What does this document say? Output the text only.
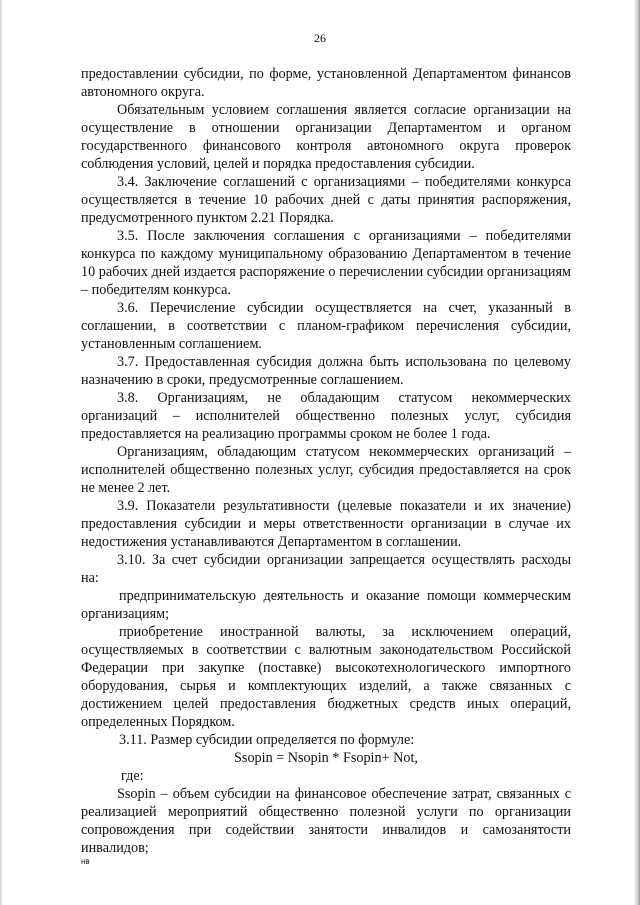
26

предоставлении субсидии, по форме, установленной Департаментом финансов автономного округа.

Обязательным условием соглашения является согласие организации на осуществление в отношении организации Департаментом и органом государственного финансового контроля автономного округа проверок соблюдения условий, целей и порядка предоставления субсидии.

3.4. Заключение соглашений с организациями – победителями конкурса осуществляется в течение 10 рабочих дней с даты принятия распоряжения, предусмотренного пунктом 2.21 Порядка.

3.5. После заключения соглашения с организациями – победителями конкурса по каждому муниципальному образованию Департаментом в течение 10 рабочих дней издается распоряжение о перечислении субсидии организациям – победителям конкурса.

3.6. Перечисление субсидии осуществляется на счет, указанный в соглашении, в соответствии с планом-графиком перечисления субсидии, установленным соглашением.

3.7. Предоставленная субсидия должна быть использована по целевому назначению в сроки, предусмотренные соглашением.

3.8. Организациям, не обладающим статусом некоммерческих организаций – исполнителей общественно полезных услуг, субсидия предоставляется на реализацию программы сроком не более 1 года.

Организациям, обладающим статусом некоммерческих организаций – исполнителей общественно полезных услуг, субсидия предоставляется на срок не менее 2 лет.

3.9. Показатели результативности (целевые показатели и их значение) предоставления субсидии и меры ответственности организации в случае их недостижения устанавливаются Департаментом в соглашении.

3.10. За счет субсидии организации запрещается осуществлять расходы на:

предпринимательскую деятельность и оказание помощи коммерческим организациям;

приобретение иностранной валюты, за исключением операций, осуществляемых в соответствии с валютным законодательством Российской Федерации при закупке (поставке) высокотехнологического импортного оборудования, сырья и комплектующих изделий, а также связанных с достижением целей предоставления бюджетных средств иных операций, определенных Порядком.

3.11. Размер субсидии определяется по формуле:

Ssopin = Nsopin * Fsopin+ Not,

где:

Ssopin – объем субсидии на финансовое обеспечение затрат, связанных с реализацией мероприятий общественно полезной услуги по организации сопровождения при содействии занятости инвалидов и самозанятости инвалидов;

нв
